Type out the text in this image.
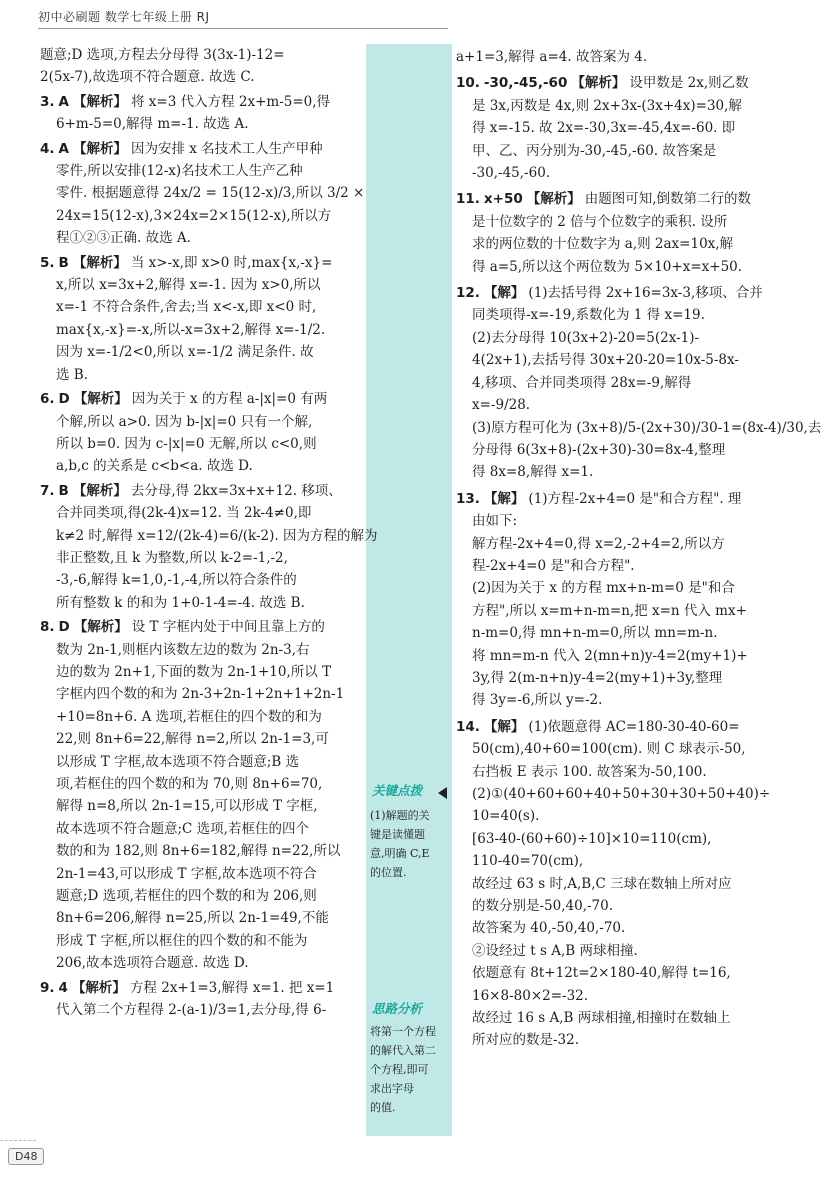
初中必刷题 数学七年级上册 RJ
关键点拨
(1)解题的关
键是读懂题
意,明确 C,E
的位置.
思路分析
将第一个方程
的解代入第二
个方程,即可
求出字母
的值.
题意;D 选项,方程去分母得 3(3x-1)-12=
2(5x-7),故选项不符合题意. 故选 C.
3. A 【解析】 将 x=3 代入方程 2x+m-5=0,得
6+m-5=0,解得 m=-1. 故选 A.
4. A 【解析】 因为安排 x 名技术工人生产甲种
零件,所以安排(12-x)名技术工人生产乙种
零件. 根据题意得 24x/2 = 15(12-x)/3,所以 3/2 ×
24x=15(12-x),3×24x=2×15(12-x),所以方
程①②③正确. 故选 A.
5. B 【解析】 当 x>-x,即 x>0 时,max{x,-x}=
x,所以 x=3x+2,解得 x=-1. 因为 x>0,所以
x=-1 不符合条件,舍去;当 x<-x,即 x<0 时,
max{x,-x}=-x,所以-x=3x+2,解得 x=-1/2.
因为 x=-1/2<0,所以 x=-1/2 满足条件. 故
选 B.
6. D 【解析】 因为关于 x 的方程 a-|x|=0 有两
个解,所以 a>0. 因为 b-|x|=0 只有一个解,
所以 b=0. 因为 c-|x|=0 无解,所以 c<0,则
a,b,c 的关系是 c<b<a. 故选 D.
7. B 【解析】 去分母,得 2kx=3x+x+12. 移项、
合并同类项,得(2k-4)x=12. 当 2k-4≠0,即
k≠2 时,解得 x=12/(2k-4)=6/(k-2). 因为方程的解为
非正整数,且 k 为整数,所以 k-2=-1,-2,
-3,-6,解得 k=1,0,-1,-4,所以符合条件的
所有整数 k 的和为 1+0-1-4=-4. 故选 B.
8. D 【解析】 设 T 字框内处于中间且靠上方的
数为 2n-1,则框内该数左边的数为 2n-3,右
边的数为 2n+1,下面的数为 2n-1+10,所以 T
字框内四个数的和为 2n-3+2n-1+2n+1+2n-1
+10=8n+6. A 选项,若框住的四个数的和为
22,则 8n+6=22,解得 n=2,所以 2n-1=3,可
以形成 T 字框,故本选项不符合题意;B 选
项,若框住的四个数的和为 70,则 8n+6=70,
解得 n=8,所以 2n-1=15,可以形成 T 字框,
故本选项不符合题意;C 选项,若框住的四个
数的和为 182,则 8n+6=182,解得 n=22,所以
2n-1=43,可以形成 T 字框,故本选项不符合
题意;D 选项,若框住的四个数的和为 206,则
8n+6=206,解得 n=25,所以 2n-1=49,不能
形成 T 字框,所以框住的四个数的和不能为
206,故本选项符合题意. 故选 D.
9. 4 【解析】 方程 2x+1=3,解得 x=1. 把 x=1
代入第二个方程得 2-(a-1)/3=1,去分母,得 6-
a+1=3,解得 a=4. 故答案为 4.
10. -30,-45,-60 【解析】 设甲数是 2x,则乙数
是 3x,丙数是 4x,则 2x+3x-(3x+4x)=30,解
得 x=-15. 故 2x=-30,3x=-45,4x=-60. 即
甲、乙、丙分别为-30,-45,-60. 故答案是
-30,-45,-60.
11. x+50 【解析】 由题图可知,倒数第二行的数
是十位数字的 2 倍与个位数字的乘积. 设所
求的两位数的十位数字为 a,则 2ax=10x,解
得 a=5,所以这个两位数为 5×10+x=x+50.
12. 【解】 (1)去括号得 2x+16=3x-3,移项、合并
同类项得-x=-19,系数化为 1 得 x=19.
(2)去分母得 10(3x+2)-20=5(2x-1)-
4(2x+1),去括号得 30x+20-20=10x-5-8x-
4,移项、合并同类项得 28x=-9,解得
x=-9/28.
(3)原方程可化为 (3x+8)/5-(2x+30)/30-1=(8x-4)/30,去
分母得 6(3x+8)-(2x+30)-30=8x-4,整理
得 8x=8,解得 x=1.
13. 【解】 (1)方程-2x+4=0 是"和合方程". 理
由如下:
解方程-2x+4=0,得 x=2,-2+4=2,所以方
程-2x+4=0 是"和合方程".
(2)因为关于 x 的方程 mx+n-m=0 是"和合
方程",所以 x=m+n-m=n,把 x=n 代入 mx+
n-m=0,得 mn+n-m=0,所以 mn=m-n.
将 mn=m-n 代入 2(mn+n)y-4=2(my+1)+
3y,得 2(m-n+n)y-4=2(my+1)+3y,整理
得 3y=-6,所以 y=-2.
14. 【解】 (1)依题意得 AC=180-30-40-60=
50(cm),40+60=100(cm). 则 C 球表示-50,
右挡板 E 表示 100. 故答案为-50,100.
(2)①(40+60+60+40+50+30+30+50+40)÷
10=40(s).
[63-40-(60+60)÷10]×10=110(cm),
110-40=70(cm),
故经过 63 s 时,A,B,C 三球在数轴上所对应
的数分别是-50,40,-70.
故答案为 40,-50,40,-70.
②设经过 t s A,B 两球相撞.
依题意有 8t+12t=2×180-40,解得 t=16,
16×8-80×2=-32.
故经过 16 s A,B 两球相撞,相撞时在数轴上
所对应的数是-32.
D48
